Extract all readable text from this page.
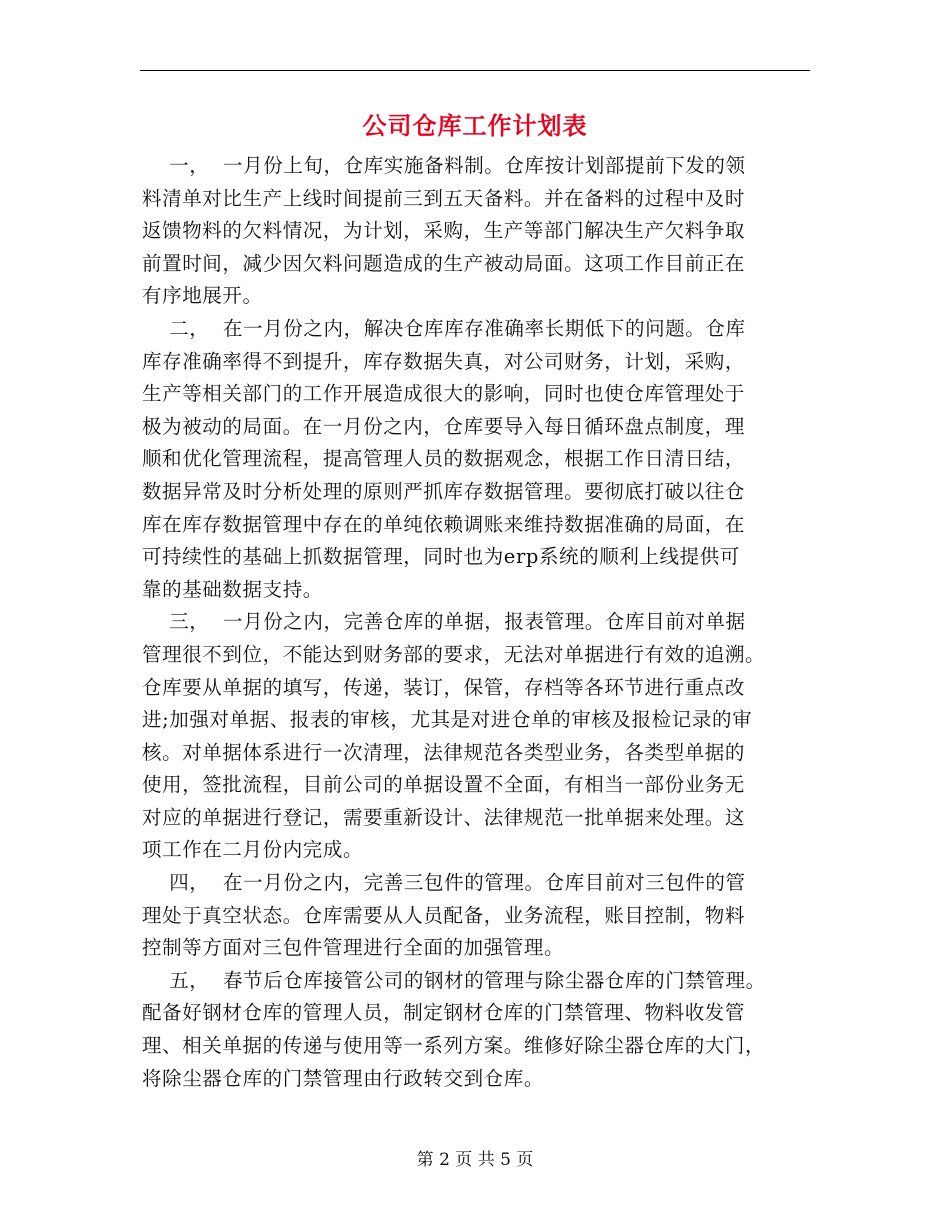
公司仓库工作计划表
一，  一月份上旬，仓库实施备料制。仓库按计划部提前下发的领
料清单对比生产上线时间提前三到五天备料。并在备料的过程中及时
返馈物料的欠料情况，为计划，采购，生产等部门解决生产欠料争取
前置时间，减少因欠料问题造成的生产被动局面。这项工作目前正在
有序地展开。
二，  在一月份之内，解决仓库库存准确率长期低下的问题。仓库
库存准确率得不到提升，库存数据失真，对公司财务，计划，采购，
生产等相关部门的工作开展造成很大的影响，同时也使仓库管理处于
极为被动的局面。在一月份之内，仓库要导入每日循环盘点制度，理
顺和优化管理流程，提高管理人员的数据观念，根据工作日清日结，
数据异常及时分析处理的原则严抓库存数据管理。要彻底打破以往仓
库在库存数据管理中存在的单纯依赖调账来维持数据准确的局面，在
可持续性的基础上抓数据管理，同时也为erp系统的顺利上线提供可
靠的基础数据支持。
三，  一月份之内，完善仓库的单据，报表管理。仓库目前对单据
管理很不到位，不能达到财务部的要求，无法对单据进行有效的追溯。
仓库要从单据的填写，传递，装订，保管，存档等各环节进行重点改
进;加强对单据、报表的审核，尤其是对进仓单的审核及报检记录的审
核。对单据体系进行一次清理，法律规范各类型业务，各类型单据的
使用，签批流程，目前公司的单据设置不全面，有相当一部份业务无
对应的单据进行登记，需要重新设计、法律规范一批单据来处理。这
项工作在二月份内完成。
四，  在一月份之内，完善三包件的管理。仓库目前对三包件的管
理处于真空状态。仓库需要从人员配备，业务流程，账目控制，物料
控制等方面对三包件管理进行全面的加强管理。
五，  春节后仓库接管公司的钢材的管理与除尘器仓库的门禁管理。
配备好钢材仓库的管理人员，制定钢材仓库的门禁管理、物料收发管
理、相关单据的传递与使用等一系列方案。维修好除尘器仓库的大门，
将除尘器仓库的门禁管理由行政转交到仓库。
第 2 页 共 5 页
